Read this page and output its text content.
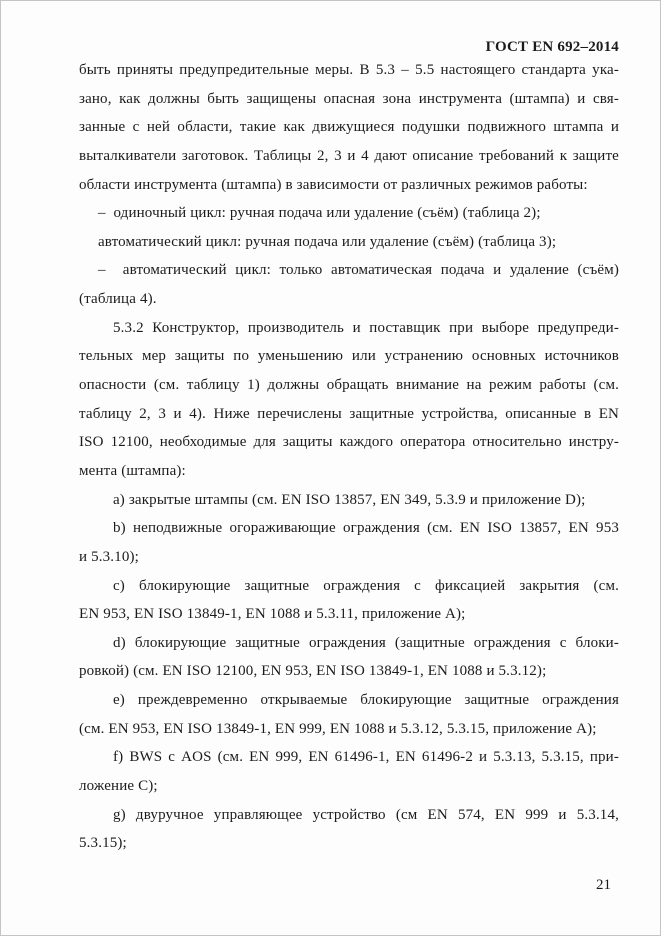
ГОСТ EN 692–2014
быть приняты предупредительные меры. В 5.3 – 5.5 настоящего стандарта ука-
зано, как должны быть защищены опасная зона инструмента (штампа) и свя-
занные с ней области, такие как движущиеся подушки подвижного штампа и
выталкиватели заготовок. Таблицы 2, 3 и 4 дают описание требований к защите
области инструмента (штампа) в зависимости от различных режимов работы:
–  одиночный цикл: ручная подача или удаление (съём) (таблица 2);
автоматический цикл: ручная подача или удаление (съём) (таблица 3);
–  автоматический цикл: только автоматическая подача и удаление (съём)
(таблица 4).
5.3.2 Конструктор, производитель и поставщик при выборе предупреди-
тельных мер защиты по уменьшению или устранению основных источников
опасности (см. таблицу 1) должны обращать внимание на режим работы (см.
таблицу 2, 3 и 4). Ниже перечислены защитные устройства, описанные в EN
ISO 12100, необходимые для защиты каждого оператора относительно инстру-
мента (штампа):
a) закрытые штампы (см. EN ISO 13857, EN 349, 5.3.9 и приложение D);
b) неподвижные огораживающие ограждения (см. EN ISO 13857, EN 953
и 5.3.10);
c) блокирующие защитные ограждения с фиксацией закрытия (см.
EN 953, EN ISO 13849-1, EN 1088 и 5.3.11, приложение A);
d) блокирующие защитные ограждения (защитные ограждения с блоки-
ровкой) (см. EN ISO 12100, EN 953, EN ISO 13849-1, EN 1088 и 5.3.12);
e) преждевременно открываемые блокирующие защитные ограждения
(см. EN 953, EN ISO 13849-1, EN 999, EN 1088 и 5.3.12, 5.3.15, приложение A);
f) BWS с AOS (см. EN 999, EN 61496-1, EN 61496-2 и 5.3.13, 5.3.15, при-
ложение C);
g) двуручное управляющее устройство (см EN 574, EN 999 и 5.3.14,
5.3.15);
21
